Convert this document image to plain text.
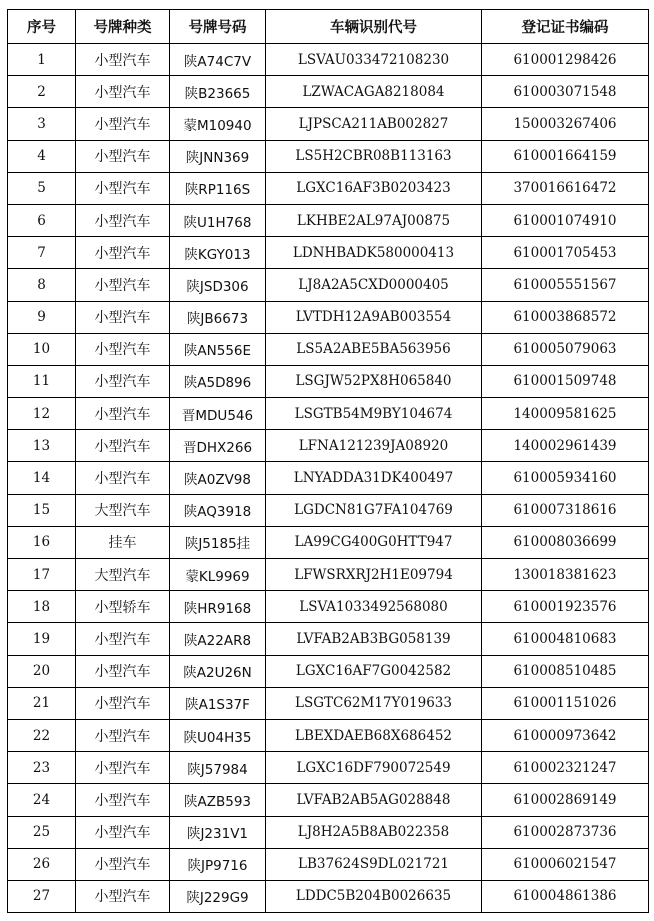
序号	号牌种类	号牌号码	车辆识别代号	登记证书编码
1	小型汽车	陕A74C7V	LSVAU033472108230	610001298426
2	小型汽车	陕B23665	LZWACAGA8218084	610003071548
3	小型汽车	蒙M10940	LJPSCA211AB002827	150003267406
4	小型汽车	陕JNN369	LS5H2CBR08B113163	610001664159
5	小型汽车	陕RP116S	LGXC16AF3B0203423	370016616472
6	小型汽车	陕U1H768	LKHBE2AL97AJ00875	610001074910
7	小型汽车	陕KGY013	LDNHBADK580000413	610001705453
8	小型汽车	陕JSD306	LJ8A2A5CXD0000405	610005551567
9	小型汽车	陕JB6673	LVTDH12A9AB003554	610003868572
10	小型汽车	陕AN556E	LS5A2ABE5BA563956	610005079063
11	小型汽车	陕A5D896	LSGJW52PX8H065840	610001509748
12	小型汽车	晋MDU546	LSGTB54M9BY104674	140009581625
13	小型汽车	晋DHX266	LFNA121239JA08920	140002961439
14	小型汽车	陕A0ZV98	LNYADDA31DK400497	610005934160
15	大型汽车	陕AQ3918	LGDCN81G7FA104769	610007318616
16	挂车	陕J5185挂	LA99CG400G0HTT947	610008036699
17	大型汽车	蒙KL9969	LFWSRXRJ2H1E09794	130018381623
18	小型轿车	陕HR9168	LSVA1033492568080	610001923576
19	小型汽车	陕A22AR8	LVFAB2AB3BG058139	610004810683
20	小型汽车	陕A2U26N	LGXC16AF7G0042582	610008510485
21	小型汽车	陕A1S37F	LSGTC62M17Y019633	610001151026
22	小型汽车	陕U04H35	LBEXDAEB68X686452	610000973642
23	小型汽车	陕J57984	LGXC16DF790072549	610002321247
24	小型汽车	陕AZB593	LVFAB2AB5AG028848	610002869149
25	小型汽车	陕J231V1	LJ8H2A5B8AB022358	610002873736
26	小型汽车	陕JP9716	LB37624S9DL021721	610006021547
27	小型汽车	陕J229G9	LDDC5B204B0026635	610004861386
